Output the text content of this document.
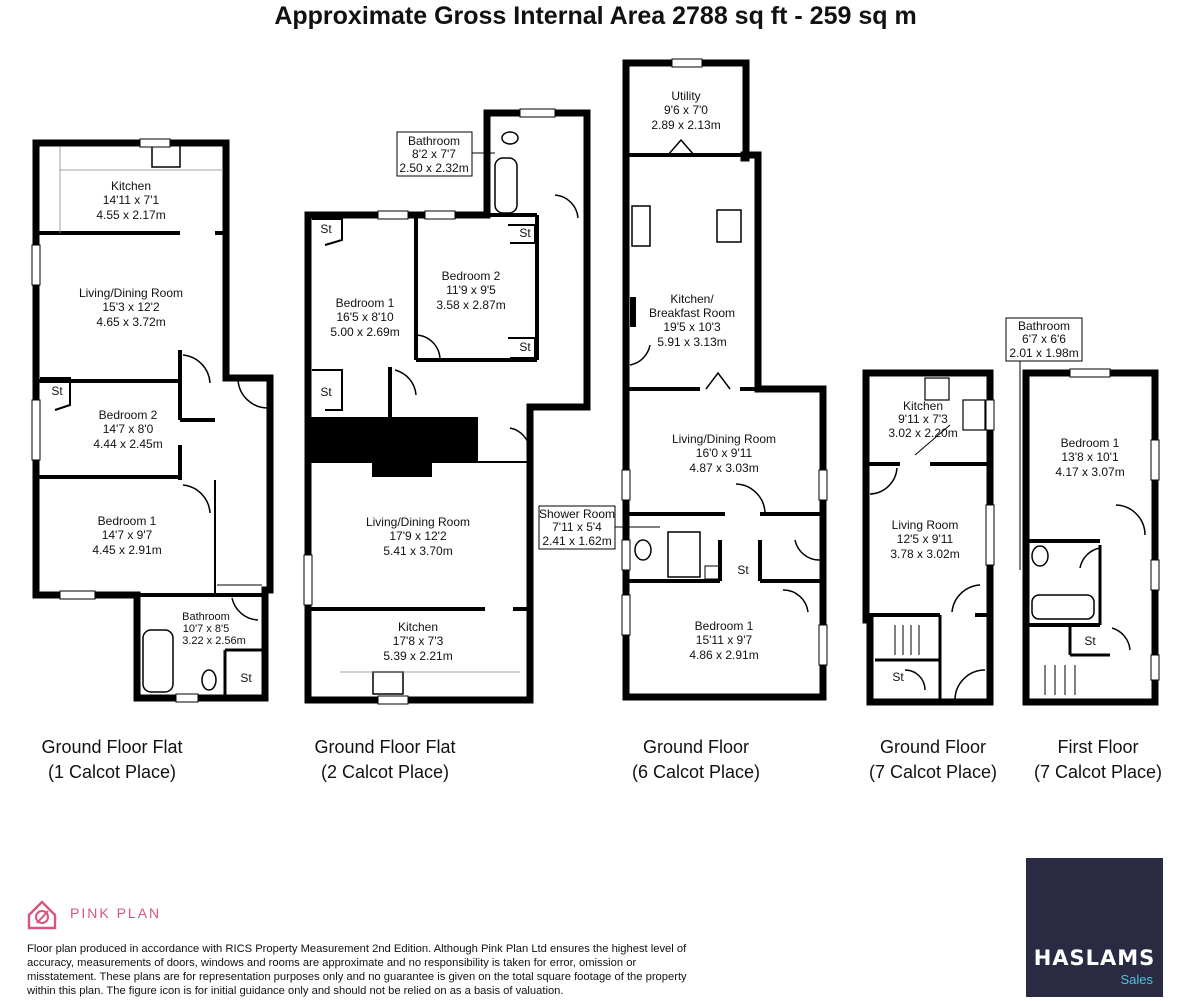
Approximate Gross Internal Area 2788 sq ft - 259 sq m
Kitchen
14'11 x 7'1
4.55 x 2.17m
Living/Dining Room
15'3 x 12'2
4.65 x 3.72m
Bedroom 2
14'7 x 8'0
4.44 x 2.45m
Bedroom 1
14'7 x 9'7
4.45 x 2.91m
Bathroom
10'7 x 8'5
3.22 x 2.56m
St
St
Bathroom
8'2 x 7'7
2.50 x 2.32m
Bedroom 1
16'5 x 8'10
5.00 x 2.69m
Bedroom 2
11'9 x 9'5
3.58 x 2.87m
Living/Dining Room
17'9 x 12'2
5.41 x 3.70m
Kitchen
17'8 x 7'3
5.39 x 2.21m
St
St
St
St
Utility
9'6 x 7'0
2.89 x 2.13m
Kitchen/
Breakfast Room
19'5 x 10'3
5.91 x 3.13m
Living/Dining Room
16'0 x 9'11
4.87 x 3.03m
Shower Room
7'11 x 5'4
2.41 x 1.62m
Bedroom 1
15'11 x 9'7
4.86 x 2.91m
St
Kitchen
9'11 x 7'3
3.02 x 2.20m
Living Room
12'5 x 9'11
3.78 x 3.02m
St
Bathroom
6'7 x 6'6
2.01 x 1.98m
Bedroom 1
13'8 x 10'1
4.17 x 3.07m
St
Ground Floor Flat
(1 Calcot Place)
Ground Floor Flat
(2 Calcot Place)
Ground Floor
(6 Calcot Place)
Ground Floor
(7 Calcot Place)
First Floor
(7 Calcot Place)
PINK PLAN
Floor plan produced in accordance with RICS Property Measurement 2nd Edition. Although Pink Plan Ltd ensures the highest level of accuracy, measurements of doors, windows and rooms are approximate and no responsibility is taken for error, omission or misstatement. These plans are for representation purposes only and no guarantee is given on the total square footage of the property within this plan. The figure icon is for initial guidance only and should not be relied on as a basis of valuation.
HASLAMS
Sales
